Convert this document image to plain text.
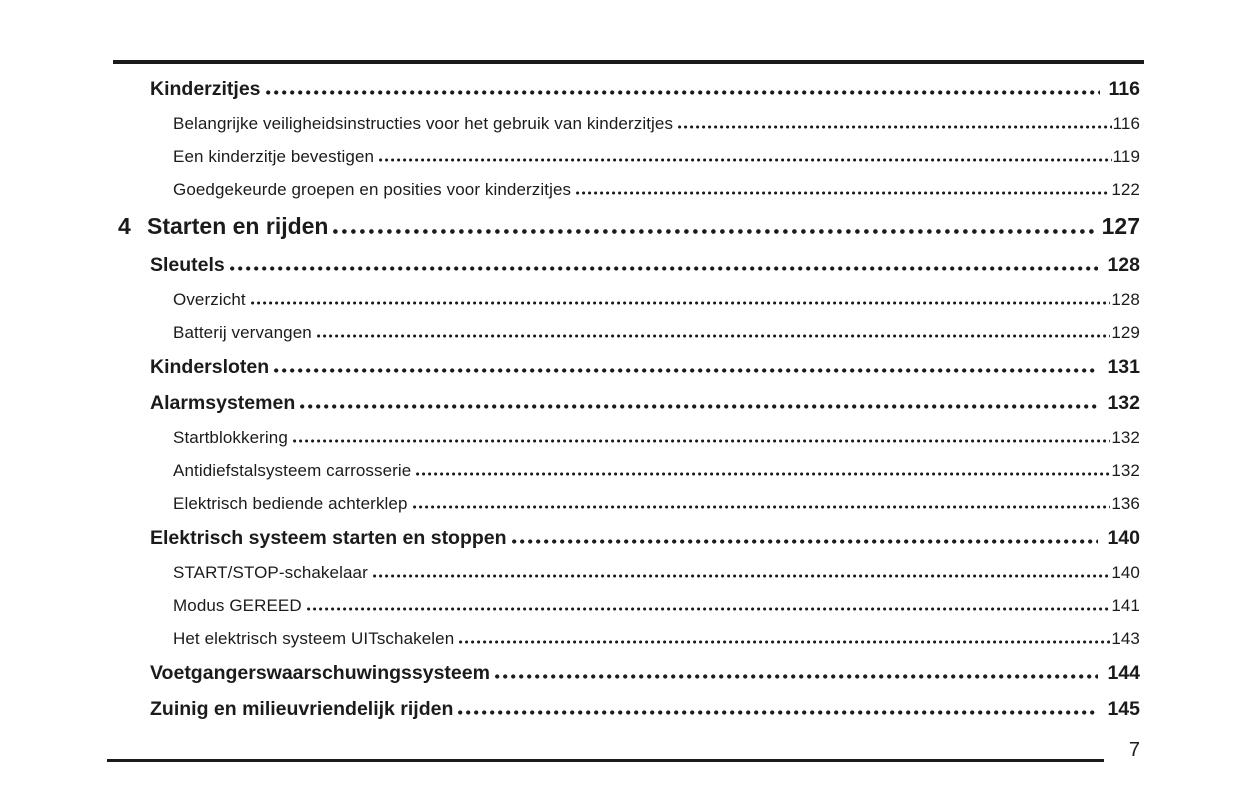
Kinderzitjes	116
Belangrijke veiligheidsinstructies voor het gebruik van kinderzitjes	116
Een kinderzitje bevestigen	119
Goedgekeurde groepen en posities voor kinderzitjes	122
4 Starten en rijden	127
Sleutels	128
Overzicht	128
Batterij vervangen	129
Kindersloten	131
Alarmsystemen	132
Startblokkering	132
Antidiefstalsysteem carrosserie	132
Elektrisch bediende achterklep	136
Elektrisch systeem starten en stoppen	140
START/STOP-schakelaar	140
Modus GEREED	141
Het elektrisch systeem UITschakelen	143
Voetgangerswaarschuwingssysteem	144
Zuinig en milieuvriendelijk rijden	145
7
